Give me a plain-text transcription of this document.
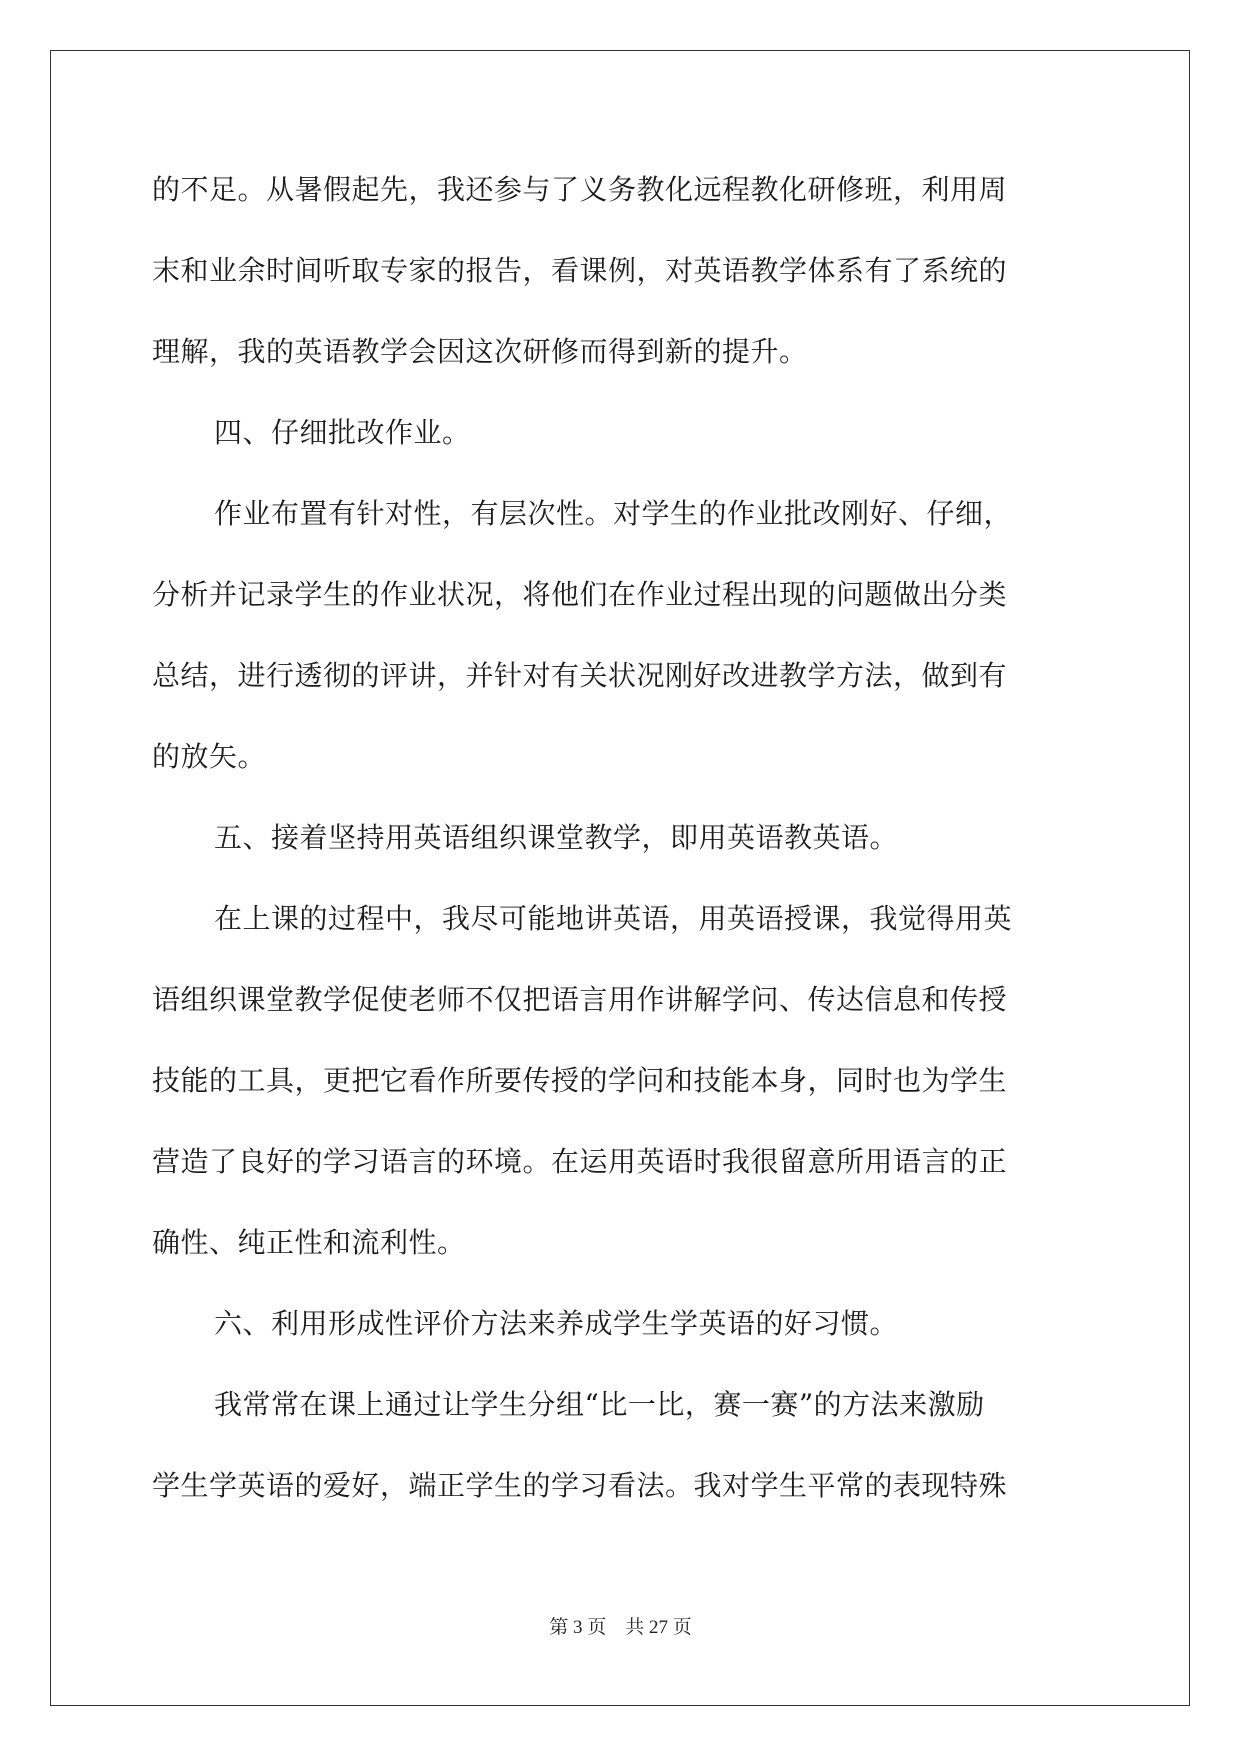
的不足。从暑假起先，我还参与了义务教化远程教化研修班，利用周
末和业余时间听取专家的报告，看课例，对英语教学体系有了系统的
理解，我的英语教学会因这次研修而得到新的提升。
四、仔细批改作业。
作业布置有针对性，有层次性。对学生的作业批改刚好、仔细，
分析并记录学生的作业状况，将他们在作业过程出现的问题做出分类
总结，进行透彻的评讲，并针对有关状况刚好改进教学方法，做到有
的放矢。
五、接着坚持用英语组织课堂教学，即用英语教英语。
在上课的过程中，我尽可能地讲英语，用英语授课，我觉得用英
语组织课堂教学促使老师不仅把语言用作讲解学问、传达信息和传授
技能的工具，更把它看作所要传授的学问和技能本身，同时也为学生
营造了良好的学习语言的环境。在运用英语时我很留意所用语言的正
确性、纯正性和流利性。
六、利用形成性评价方法来养成学生学英语的好习惯。
我常常在课上通过让学生分组“比一比，赛一赛”的方法来激励
学生学英语的爱好，端正学生的学习看法。我对学生平常的表现特殊
第 3 页　共 27 页
